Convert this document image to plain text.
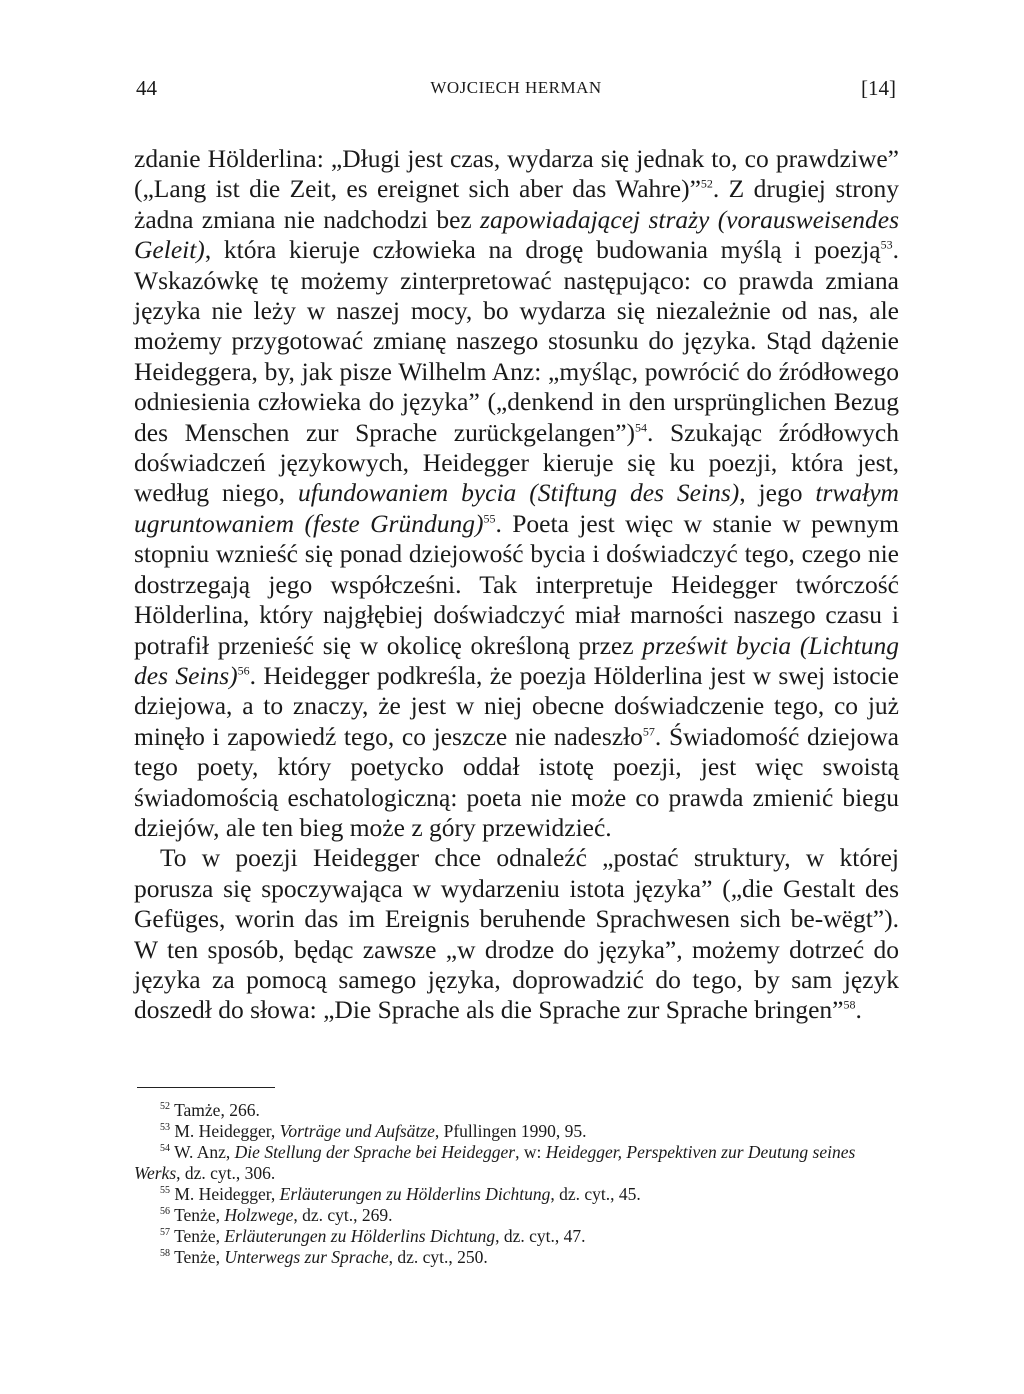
44	WOJCIECH HERMAN	[14]

zdanie Hölderlina: „Długi jest czas, wydarza się jednak to, co prawdziwe” („Lang ist die Zeit, es ereignet sich aber das Wahre)”$^{52}$. Z drugiej strony żadna zmiana nie nadchodzi bez zapowiadającej straży (vorausweisendes Geleit), która kieruje człowieka na drogę budowania myślą i poezją$^{53}$. Wskazówkę tę możemy zinterpretować następująco: co prawda zmiana języka nie leży w naszej mocy, bo wydarza się niezależnie od nas, ale możemy przygotować zmianę naszego stosunku do języka. Stąd dążenie Heideggera, by, jak pisze Wilhelm Anz: „myśląc, powrócić do źródłowego odniesienia człowieka do języka” („denkend in den ursprünglichen Bezug des Menschen zur Sprache zurückgelangen”)$^{54}$. Szukając źródłowych doświadczeń językowych, Heidegger kieruje się ku poezji, która jest, według niego, ufundowaniem bycia (Stiftung des Seins), jego trwałym ugruntowaniem (feste Gründung)$^{55}$. Poeta jest więc w stanie w pewnym stopniu wznieść się ponad dziejowość bycia i doświadczyć tego, czego nie dostrzegają jego współcześni. Tak interpretuje Heidegger twórczość Hölderlina, który najgłębiej doświadczyć miał marności naszego czasu i potrafił przenieść się w okolicę określoną przez prześwit bycia (Lichtung des Seins)$^{56}$. Heidegger podkreśla, że poezja Hölderlina jest w swej istocie dziejowa, a to znaczy, że jest w niej obecne doświadczenie tego, co już minęło i zapowiedź tego, co jeszcze nie nadeszło$^{57}$. Świadomość dziejowa tego poety, który poetycko oddał istotę poezji, jest więc swoistą świadomością eschatologiczną: poeta nie może co prawda zmienić biegu dziejów, ale ten bieg może z góry przewidzieć.

To w poezji Heidegger chce odnaleźć „postać struktury, w której porusza się spoczywająca w wydarzeniu istota języka” („die Gestalt des Gefüges, worin das im Ereignis beruhende Sprachwesen sich be-wëgt”). W ten sposób, będąc zawsze „w drodze do języka”, możemy dotrzeć do języka za pomocą samego języka, doprowadzić do tego, by sam język doszedł do słowa: „Die Sprache als die Sprache zur Sprache bringen”$^{58}$.

$^{52}$ Tamże, 266.

$^{53}$ M. Heidegger, Vorträge und Aufsätze, Pfullingen 1990, 95.

$^{54}$ W. Anz, Die Stellung der Sprache bei Heidegger, w: Heidegger, Perspektiven zur Deutung seines Werks, dz. cyt., 306.

$^{55}$ M. Heidegger, Erläuterungen zu Hölderlins Dichtung, dz. cyt., 45.

$^{56}$ Tenże, Holzwege, dz. cyt., 269.

$^{57}$ Tenże, Erläuterungen zu Hölderlins Dichtung, dz. cyt., 47.

$^{58}$ Tenże, Unterwegs zur Sprache, dz. cyt., 250.
